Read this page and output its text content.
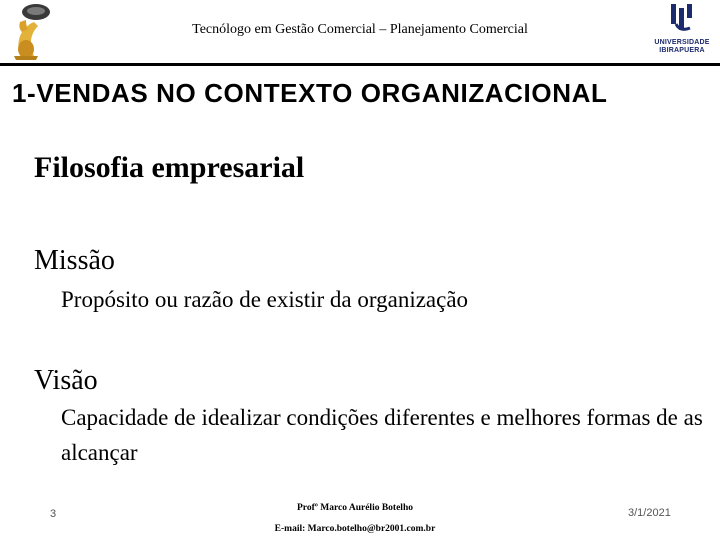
Tecnólogo em Gestão Comercial – Planejamento Comercial
UNIVERSIDADE
IBIRAPUERA
1-VENDAS NO CONTEXTO ORGANIZACIONAL
Filosofia empresarial
Missão
Propósito ou razão de existir da organização
Visão
Capacidade de idealizar condições diferentes e melhores formas de as alcançar
3	Profº Marco Aurélio Botelho
E-mail: Marco.botelho@br2001.com.br
3/1/2021
